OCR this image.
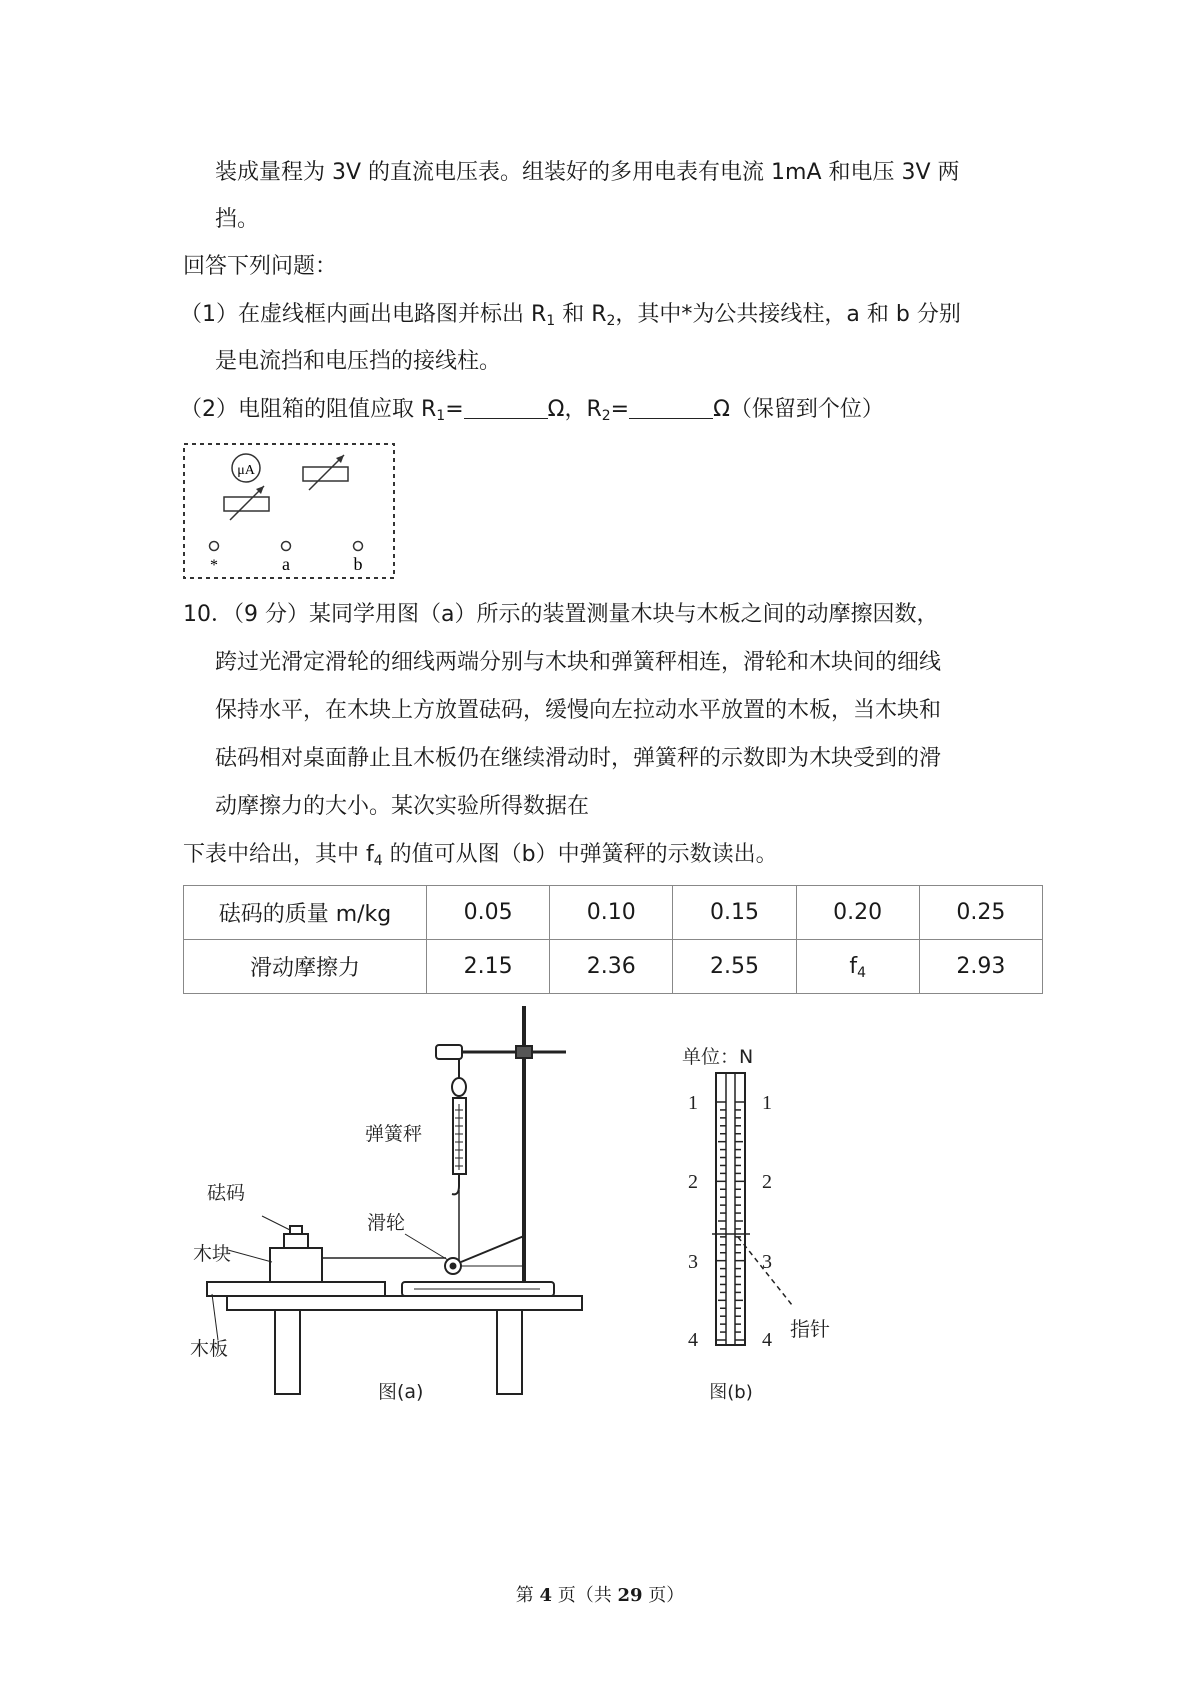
装成量程为 3V 的直流电压表。组装好的多用电表有电流 1mA 和电压 3V 两
挡。
回答下列问题：
（1）在虚线框内画出电路图并标出 $R_1$ 和 $R_2$，其中*为公共接线柱，a 和 b 分别
是电流挡和电压挡的接线柱。
（2）电阻箱的阻值应取 $R_1=$	Ω，$R_2=$	Ω（保留到个位）
10．（9 分）某同学用图（a）所示的装置测量木块与木板之间的动摩擦因数，
跨过光滑定滑轮的细线两端分别与木块和弹簧秤相连，滑轮和木块间的细线
保持水平，在木块上方放置砝码，缓慢向左拉动水平放置的木板，当木块和
砝码相对桌面静止且木板仍在继续滑动时，弹簧秤的示数即为木块受到的滑
动摩擦力的大小。某次实验所得数据在
下表中给出，其中 $f_4$ 的值可从图（b）中弹簧秤的示数读出。
砝码的质量 m/kg	0.05	0.10	0.15	0.20	0.25
滑动摩擦力	2.15	2.36	2.55	$f_4$	2.93
μA
*	a	b
弹簧秤
砝码
滑轮
木块
木板
图(a)
单位：N
1
2
3
4
1
2
3
4 指针
图(b)
第 4 页（共 29 页）
